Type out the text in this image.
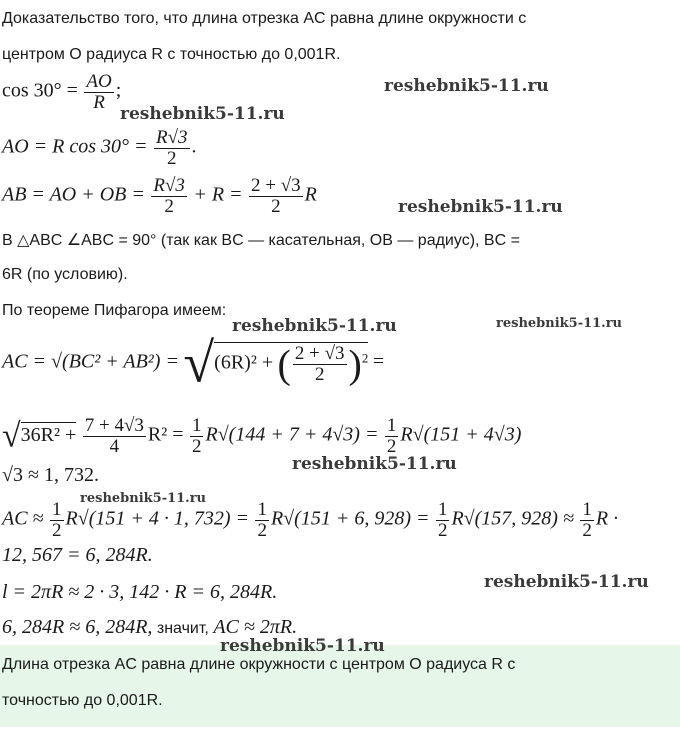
Доказательство того, что длина отрезка AC равна длине окружности с
центром O радиуса R с точностью до 0,001R.
$\cos 30^\circ = \frac{AO}{R}$ ;
AO = R $\cos 30^\circ = \frac{R√3}{2}$ .
AB = AO + OB = $\frac{R√3}{2} + R = \frac{2 + √3}{2}$ R
В △ABC ∠ABC = 90° (так как BC — касательная, OB — радиус), BC =
6R (по условию).
По теореме Пифагора имеем:
AC = √(BC² + AB²) = √(6R)² + ( $\frac{2 + √3}{2} )^2$ =
$√36R^2 + \frac{7 + 4√3}{4} R^2 = \frac{1}{2} R√(144 + 7 + 4√3) = \frac{1}{2} R√(151 + 4√3)$
√3 ≈ 1, 732.
AC ≈ $\frac{1}{2} R√(151 + 4 \cdot 1$, $732) = \frac{1}{2} R√(151 + 6$, $928) = \frac{1}{2} R√(157$, $928) \approx \frac{1}{2}$ R ·
12, 567 = 6, 284R.
l = 2πR ≈ 2 · 3, 142 · R = 6, 284R.
6, 284R ≈ 6, 284R, значит, AC ≈ 2πR.
Длина отрезка AC равна длине окружности с центром O радиуса R с
точностью до 0,001R.
reshebnik5-11.ru
reshebnik5-11.ru
reshebnik5-11.ru
reshebnik5-11.ru	reshebnik5-11.ru
reshebnik5-11.ru
reshebnik5-11.ru
reshebnik5-11.ru
reshebnik5-11.ru
